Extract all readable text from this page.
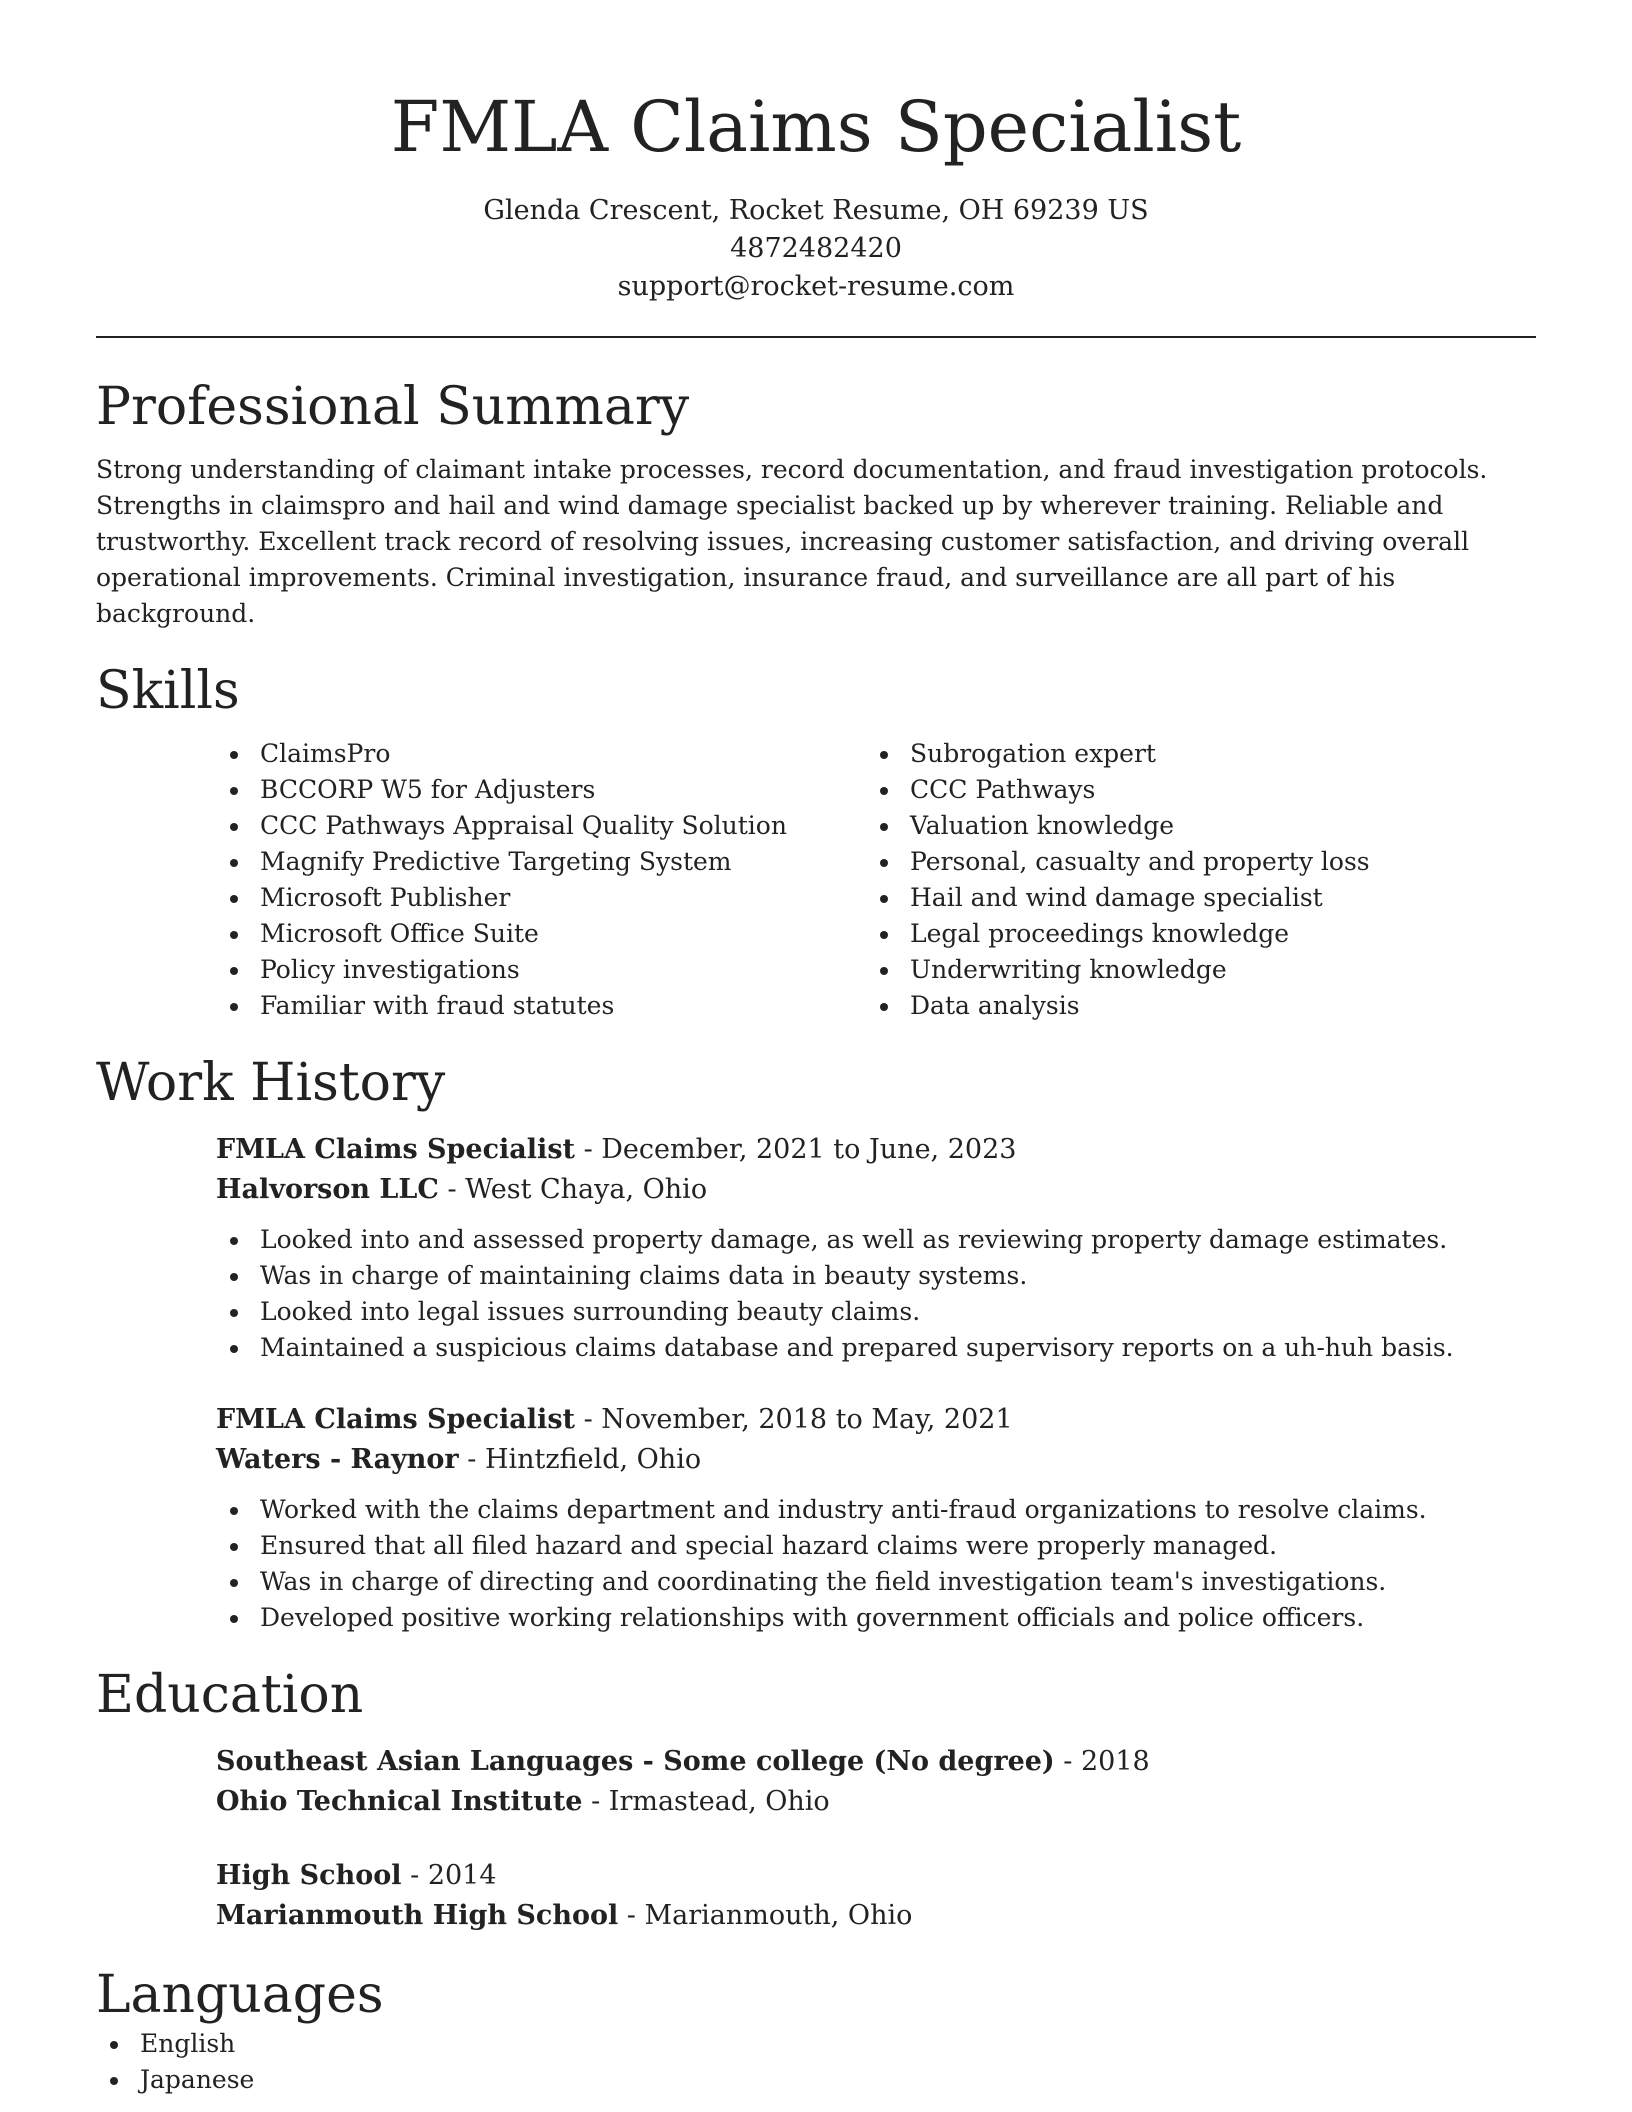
FMLA Claims Specialist
Glenda Crescent, Rocket Resume, OH 69239 US
4872482420
support@rocket-resume.com
Professional Summary

Strong understanding of claimant intake processes, record documentation, and fraud investigation protocols. Strengths in claimspro and hail and wind damage specialist backed up by wherever training. Reliable and trustworthy. Excellent track record of resolving issues, increasing customer satisfaction, and driving overall operational improvements. Criminal investigation, insurance fraud, and surveillance are all part of his background.

Skills
ClaimsPro
BCCORP W5 for Adjusters
CCC Pathways Appraisal Quality Solution
Magnify Predictive Targeting System
Microsoft Publisher
Microsoft Office Suite
Policy investigations
Familiar with fraud statutes
Subrogation expert
CCC Pathways
Valuation knowledge
Personal, casualty and property loss
Hail and wind damage specialist
Legal proceedings knowledge
Underwriting knowledge
Data analysis
Work History
FMLA Claims Specialist - December, 2021 to June, 2023
Halvorson LLC - West Chaya, Ohio
Looked into and assessed property damage, as well as reviewing property damage estimates.
Was in charge of maintaining claims data in beauty systems.
Looked into legal issues surrounding beauty claims.
Maintained a suspicious claims database and prepared supervisory reports on a uh-huh basis.
FMLA Claims Specialist - November, 2018 to May, 2021
Waters - Raynor - Hintzfield, Ohio
Worked with the claims department and industry anti-fraud organizations to resolve claims.
Ensured that all filed hazard and special hazard claims were properly managed.
Was in charge of directing and coordinating the field investigation team's investigations.
Developed positive working relationships with government officials and police officers.
Education
Southeast Asian Languages - Some college (No degree) - 2018
Ohio Technical Institute - Irmastead, Ohio
High School - 2014
Marianmouth High School - Marianmouth, Ohio
Languages
English
Japanese
